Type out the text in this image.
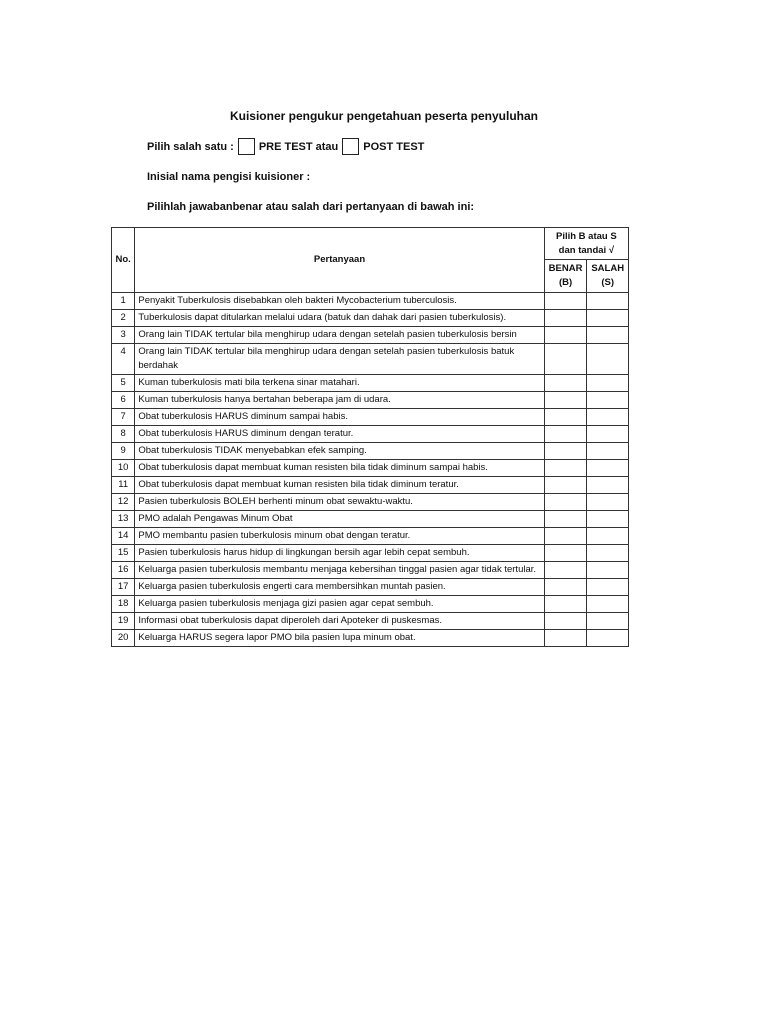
Kuisioner pengukur pengetahuan peserta penyuluhan
Pilih salah satu : PRE TEST atau POST TEST
Inisial nama pengisi kuisioner :
Pilihlah jawabanbenar atau salah dari pertanyaan di bawah ini:
No.	Pertanyaan	Pilih B atau S dan tandai √	
		BENAR (B)	SALAH (S)
1	Penyakit Tuberkulosis disebabkan oleh bakteri Mycobacterium tuberculosis.		
2	Tuberkulosis dapat ditularkan melalui udara (batuk dan dahak dari pasien tuberkulosis).		
3	Orang lain TIDAK tertular bila menghirup udara dengan setelah pasien tuberkulosis bersin		
4	Orang lain TIDAK tertular bila menghirup udara dengan setelah pasien tuberkulosis batuk berdahak		
5	Kuman tuberkulosis mati bila terkena sinar matahari.		
6	Kuman tuberkulosis hanya bertahan beberapa jam di udara.		
7	Obat tuberkulosis HARUS diminum sampai habis.		
8	Obat tuberkulosis HARUS diminum dengan teratur.		
9	Obat tuberkulosis TIDAK menyebabkan efek samping.		
10	Obat tuberkulosis dapat membuat kuman resisten bila tidak diminum sampai habis.		
11	Obat tuberkulosis dapat membuat kuman resisten bila tidak diminum teratur.		
12	Pasien tuberkulosis BOLEH berhenti minum obat sewaktu-waktu.		
13	PMO adalah Pengawas Minum Obat		
14	PMO membantu pasien tuberkulosis minum obat dengan teratur.		
15	Pasien tuberkulosis harus hidup di lingkungan bersih agar lebih cepat sembuh.		
16	Keluarga pasien tuberkulosis membantu menjaga kebersihan tinggal pasien agar tidak tertular.		
17	Keluarga pasien tuberkulosis engerti cara membersihkan muntah pasien.		
18	Keluarga pasien tuberkulosis menjaga gizi pasien agar cepat sembuh.		
19	Informasi obat tuberkulosis dapat diperoleh dari Apoteker di puskesmas.		
20	Keluarga HARUS segera lapor PMO bila pasien lupa minum obat.		
